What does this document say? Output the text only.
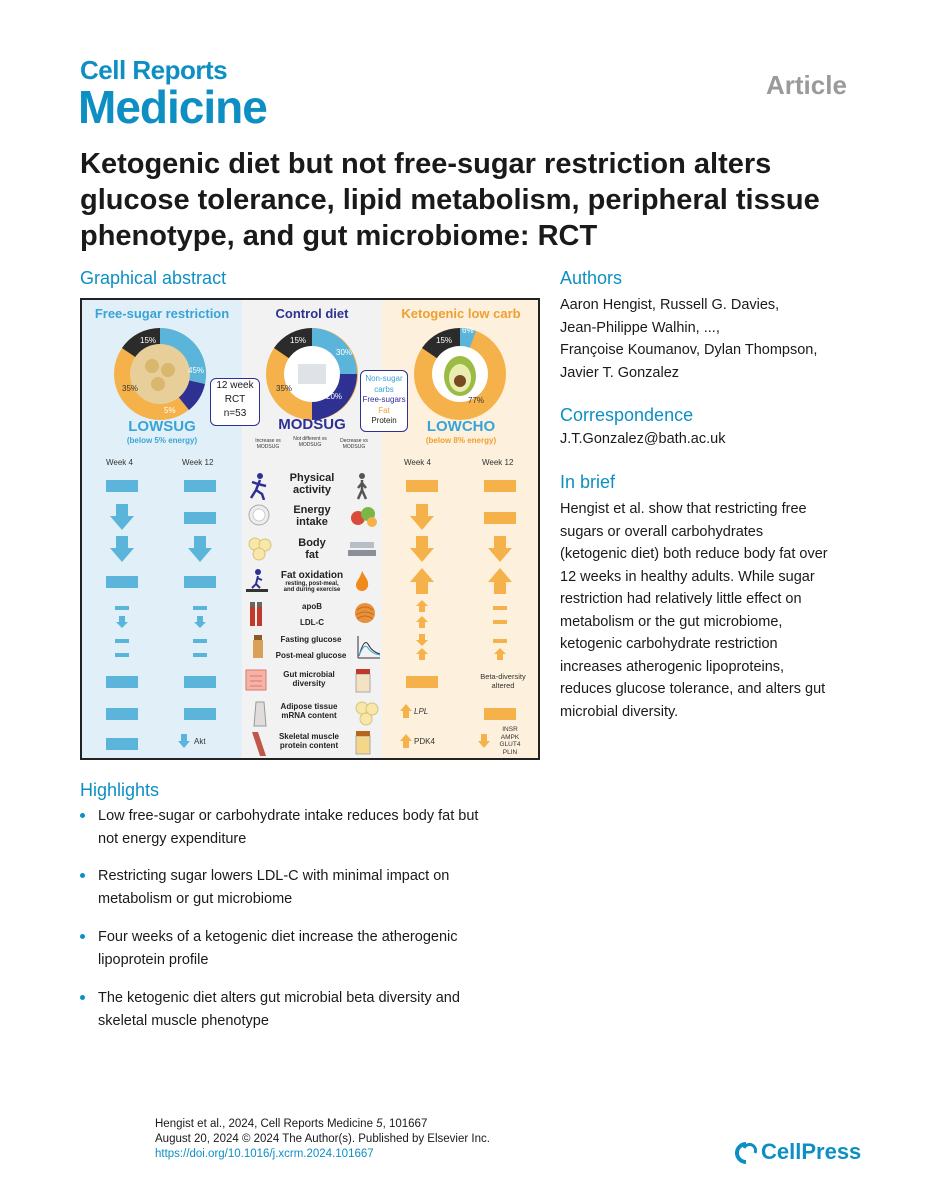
Cell Reports
Medicine	Article
Ketogenic diet but not free-sugar restriction alters glucose tolerance, lipid metabolism, peripheral tissue phenotype, and gut microbiome: RCT
Graphical abstract
Free-sugar restriction	Control diet	Ketogenic low carb
15%
45%
35%
5%
15%
30%
35%
20%
15%
6%
77%
12 week
RCT
n=53
Non-sugar
carbs
Free-sugars
Fat
Protein
LOWSUG
(below 5% energy)
MODSUG	LOWCHO
(below 8% energy)
Increase vs MODSUG
Not different vs MODSUG
Decrease vs MODSUG
Week 4	Week 12	Week 4	Week 12
Physical
activity
Energy
intake
Body
fat
Fat oxidation
resting, post-meal,
and during exercise
apoB
LDL-C
Fasting glucose
Post-meal glucose
Gut microbial
diversity
Adipose tissue
mRNA content
Skeletal muscle
protein content
Akt
Beta-diversity
altered
LPL
PDK4
INSR
AMPK
GLUT4
PLIN
Authors
Aaron Hengist, Russell G. Davies,
Jean-Philippe Walhin, ...,
Françoise Koumanov, Dylan Thompson,
Javier T. Gonzalez
Correspondence
J.T.Gonzalez@bath.ac.uk
In brief
Hengist et al. show that restricting free
sugars or overall carbohydrates
(ketogenic diet) both reduce body fat over
12 weeks in healthy adults. While sugar
restriction had relatively little effect on
metabolism or the gut microbiome,
ketogenic carbohydrate restriction
increases atherogenic lipoproteins,
reduces glucose tolerance, and alters gut
microbial diversity.
Highlights
Low free-sugar or carbohydrate intake reduces body fat but
not energy expenditure
Restricting sugar lowers LDL-C with minimal impact on
metabolism or gut microbiome
Four weeks of a ketogenic diet increase the atherogenic
lipoprotein profile
The ketogenic diet alters gut microbial beta diversity and
skeletal muscle phenotype
Hengist et al., 2024, Cell Reports Medicine 5, 101667
August 20, 2024 © 2024 The Author(s). Published by Elsevier Inc.
https://doi.org/10.1016/j.xcrm.2024.101667	CellPress
